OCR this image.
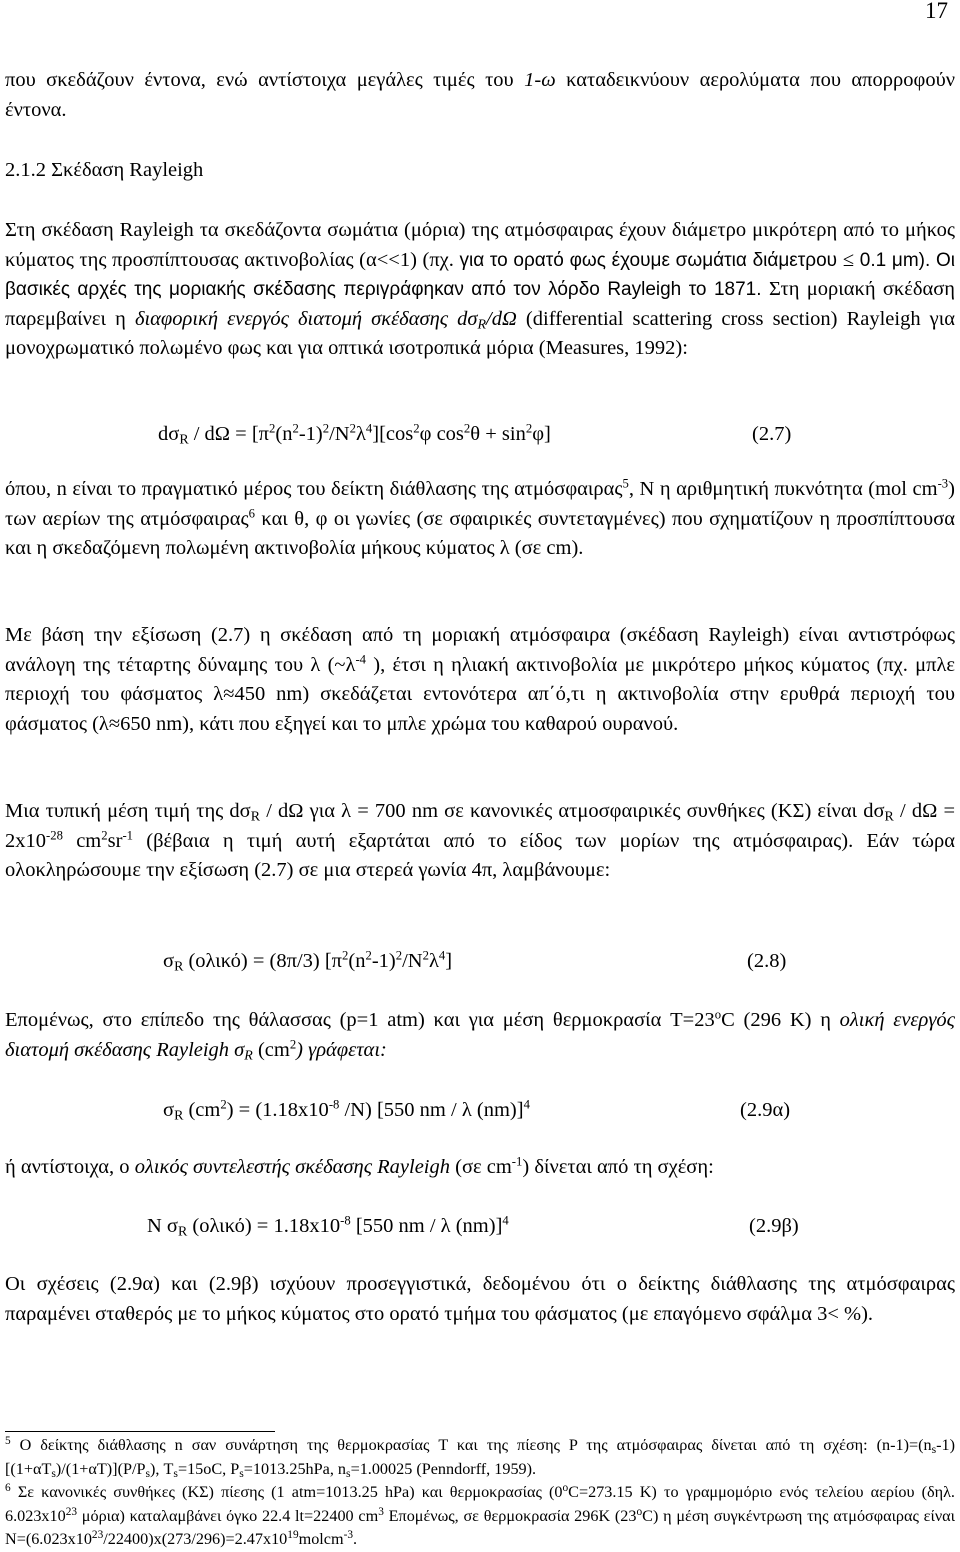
17
που σκεδάζουν έντονα, ενώ αντίστοιχα μεγάλες τιμές του 1-ω καταδεικνύουν αερολύματα που απορροφούν έντονα.
2.1.2 Σκέδαση Rayleigh
Στη σκέδαση Rayleigh τα σκεδάζοντα σωμάτια (μόρια) της ατμόσφαιρας έχουν διάμετρο μικρότερη από το μήκος κύματος της προσπίπτουσας ακτινοβολίας (α<<1) (πχ. για το ορατό φως έχουμε σωμάτια διάμετρου ≤ 0.1 μm). Οι βασικές αρχές της μοριακής σκέδασης περιγράφηκαν από τον λόρδο Rayleigh το 1871. Στη μοριακή σκέδαση παρεμβαίνει η διαφορική ενεργός διατομή σκέδασης $d\sigma_R/d\Omega$ (differential scattering cross section) Rayleigh για μονοχρωματικό πολωμένο φως και για οπτικά ισοτροπικά μόρια (Measures, 1992):
$d\sigma_R / d\Omega = [\pi^2(n^2-1)^2/N^2\lambda^4][\cos^2\varphi$ $\cos^2\theta + \sin^2\varphi$]	(2.7)
όπου, n είναι το πραγματικό μέρος του δείκτη διάθλασης της ατμόσφαιρας$^5$, N η αριθμητική πυκνότητα (mol $cm^{-3}$) των αερίων της ατμόσφαιρας$^6$ και θ, φ οι γωνίες (σε σφαιρικές συντεταγμένες) που σχηματίζουν η προσπίπτουσα και η σκεδαζόμενη πολωμένη ακτινοβολία μήκους κύματος λ (σε cm).
Με βάση την εξίσωση (2.7) η σκέδαση από τη μοριακή ατμόσφαιρα (σκέδαση Rayleigh) είναι αντιστρόφως ανάλογη της τέταρτης δύναμης του λ ($\sim\lambda^{-4}$ ), έτσι η ηλιακή ακτινοβολία με μικρότερο μήκος κύματος (πχ. μπλε περιοχή του φάσματος λ≈450 nm) σκεδάζεται εντονότερα απ΄ό,τι η ακτινοβολία στην ερυθρά περιοχή του φάσματος (λ≈650 nm), κάτι που εξηγεί και το μπλε χρώμα του καθαρού ουρανού.
Μια τυπική μέση τιμή της $d\sigma_R$ / dΩ για λ = 700 nm σε κανονικές ατμοσφαιρικές συνθήκες (ΚΣ) είναι $d\sigma_R / d\Omega = 2x10^{-28}$ $cm^2sr^{-1}$ (βέβαια η τιμή αυτή εξαρτάται από το είδος των μορίων της ατμόσφαιρας). Εάν τώρα ολοκληρώσουμε την εξίσωση (2.7) σε μια στερεά γωνία 4π, λαμβάνουμε:
$\sigma_R$ (ολικό) = (8π/3) $[\pi^2(n^2-1)^2/N^2\lambda^4]$	(2.8)
Επομένως, στο επίπεδο της θάλασσας (p=1 atm) και για μέση θερμοκρασία $T=23^oC$ (296 K) η ολική ενεργός διατομή σκέδασης Rayleigh $\sigma_R$ $(cm^2)$ γράφεται:
$\sigma_R$ $(cm^2) = (1.18x10^{-8}$ /N) [550 nm / λ (nm)]$^4$	(2.9α)
ή αντίστοιχα, ο ολικός συντελεστής σκέδασης Rayleigh (σε $cm^{-1}$) δίνεται από τη σχέση:
N $\sigma_R$ $(o\lambda\iota\kappa ό) = 1.18x10^{-8}$ [550 nm / λ (nm)]$^4$	(2.9β)
Οι σχέσεις (2.9α) και (2.9β) ισχύουν προσεγγιστικά, δεδομένου ότι ο δείκτης διάθλασης της ατμόσφαιρας παραμένει σταθερός με το μήκος κύματος στο ορατό τμήμα του φάσματος (με επαγόμενο σφάλμα 3< %).
$^5$ Ο δείκτης διάθλασης n σαν συνάρτηση της θερμοκρασίας T και της πίεσης P της ατμόσφαιρας δίνεται από τη σχέση: $(n-1)=(n_s-1)[(1+\alpha T_s)/(1+\alpha T)](P/P_s)$, $T_s=15oC$, $P_s=1013.25hPa$, $n_s=1.00025$ (Penndorff, 1959).
$^6$ Σε κανονικές συνθήκες (ΚΣ) πίεσης (1 atm=1013.25 hPa) και θερμοκρασίας ($0^oC=273.15$ K) το γραμμομόριο ενός τελείου αερίου (δηλ. $6.023x10^{23}$ μόρια) καταλαμβάνει όγκο 22.4 lt=22400 $cm^3$ Επομένως, σε θερμοκρασία 296K (23$^o$C) η μέση συγκέντρωση της ατμόσφαιρας είναι $N=(6.023x10^{23}/22400)x(273/296)=2.47x10^{19}molcm^{-3}$.
